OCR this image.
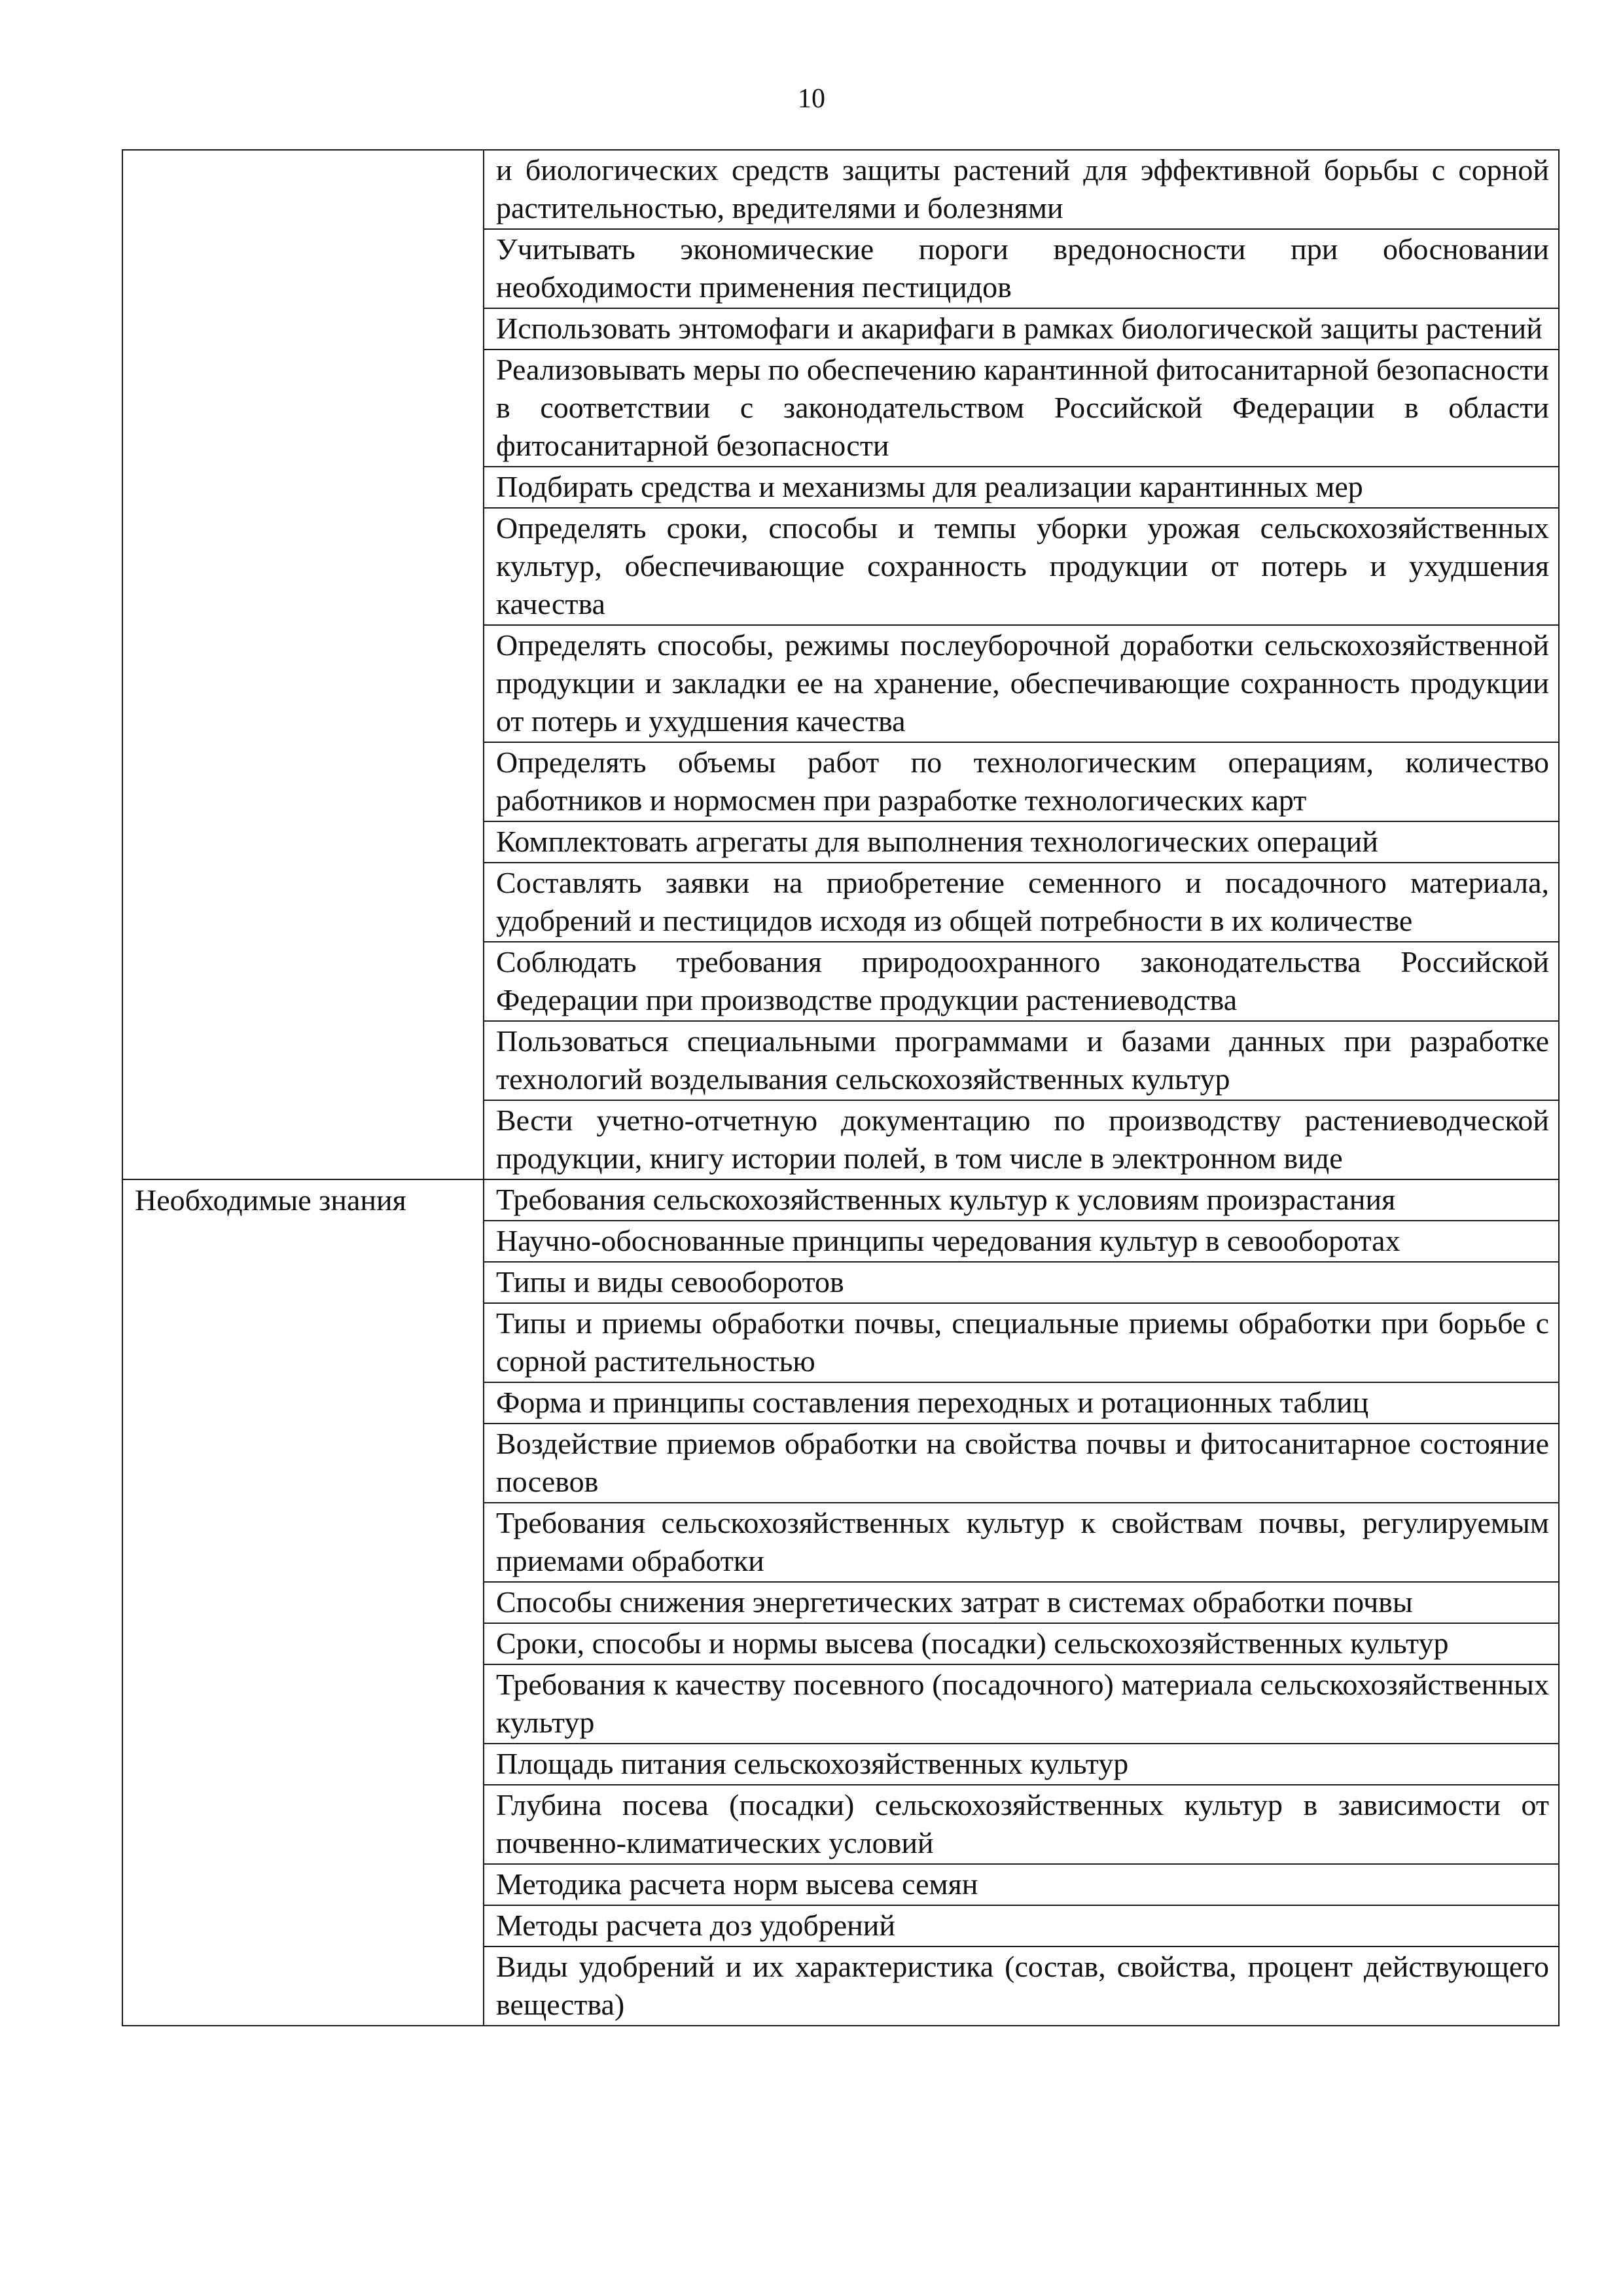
10
	и биологических средств защиты растений для эффективной борьбы с сорной растительностью, вредителями и болезнями
	Учитывать экономические пороги вредоносности при обосновании необходимости применения пестицидов
	Использовать энтомофаги и акарифаги в рамках биологической защиты растений
	Реализовывать меры по обеспечению карантинной фитосанитарной безопасности в соответствии с законодательством Российской Федерации в области фитосанитарной безопасности
	Подбирать средства и механизмы для реализации карантинных мер
	Определять сроки, способы и темпы уборки урожая сельскохозяйственных культур, обеспечивающие сохранность продукции от потерь и ухудшения качества
	Определять способы, режимы послеуборочной доработки сельскохозяйственной продукции и закладки ее на хранение, обеспечивающие сохранность продукции от потерь и ухудшения качества
	Определять объемы работ по технологическим операциям, количество работников и нормосмен при разработке технологических карт
	Комплектовать агрегаты для выполнения технологических операций
	Составлять заявки на приобретение семенного и посадочного материала, удобрений и пестицидов исходя из общей потребности в их количестве
	Соблюдать требования природоохранного законодательства Российской Федерации при производстве продукции растениеводства
	Пользоваться специальными программами и базами данных при разработке технологий возделывания сельскохозяйственных культур
	Вести учетно-отчетную документацию по производству растениеводческой продукции, книгу истории полей, в том числе в электронном виде
Необходимые знания	Требования сельскохозяйственных культур к условиям произрастания
	Научно-обоснованные принципы чередования культур в севооборотах
	Типы и виды севооборотов
	Типы и приемы обработки почвы, специальные приемы обработки при борьбе с сорной растительностью
	Форма и принципы составления переходных и ротационных таблиц
	Воздействие приемов обработки на свойства почвы и фитосанитарное состояние посевов
	Требования сельскохозяйственных культур к свойствам почвы, регулируемым приемами обработки
	Способы снижения энергетических затрат в системах обработки почвы
	Сроки, способы и нормы высева (посадки) сельскохозяйственных культур
	Требования к качеству посевного (посадочного) материала сельскохозяйственных культур
	Площадь питания сельскохозяйственных культур
	Глубина посева (посадки) сельскохозяйственных культур в зависимости от почвенно-климатических условий
	Методика расчета норм высева семян
	Методы расчета доз удобрений
	Виды удобрений и их характеристика (состав, свойства, процент действующего вещества)
